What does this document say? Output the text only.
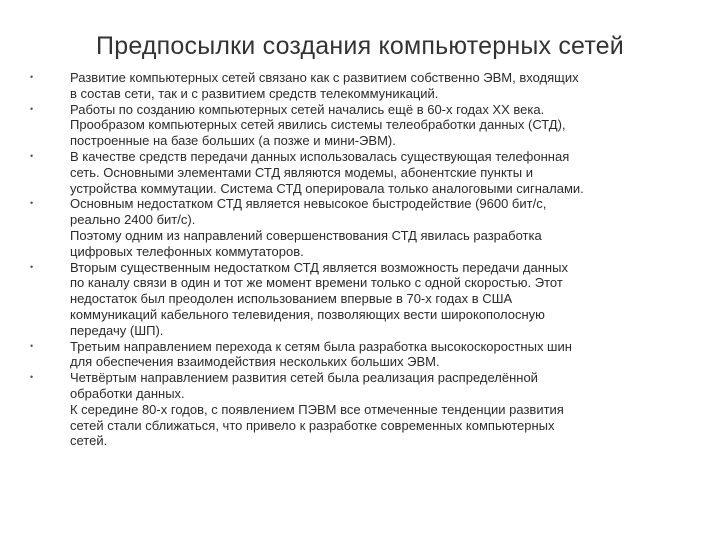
Предпосылки создания компьютерных сетей
•	Развитие компьютерных сетей связано как с развитием собственно ЭВМ, входящих
в состав сети, так и с развитием средств телекоммуникаций.
•	Работы по созданию компьютерных сетей начались ещё в 60-х годах XX века.
Прообразом компьютерных сетей явились системы телеобработки данных (СТД),
построенные на базе больших (а позже и мини-ЭВМ).
•	В качестве средств передачи данных использовалась существующая телефонная
сеть. Основными элементами СТД являются модемы, абонентские пункты и
устройства коммутации. Система СТД оперировала только аналоговыми сигналами.
•	Основным недостатком СТД является невысокое быстродействие (9600 бит/с,
реально 2400 бит/с).
Поэтому одним из направлений совершенствования СТД явилась разработка
цифровых телефонных коммутаторов.
•	Вторым существенным недостатком СТД является возможность передачи данных
по каналу связи в один и тот же момент времени только с одной скоростью. Этот
недостаток был преодолен использованием впервые в 70-х годах в США
коммуникаций кабельного телевидения, позволяющих вести широкополосную
передачу (ШП).
•	Третьим направлением перехода к сетям была разработка высокоскоростных шин
для обеспечения взаимодействия нескольких больших ЭВМ.
•	Четвёртым направлением развития сетей была реализация распределённой
обработки данных.
К середине 80-х годов, с появлением ПЭВМ все отмеченные тенденции развития
сетей стали сближаться, что привело к разработке современных компьютерных
сетей.
